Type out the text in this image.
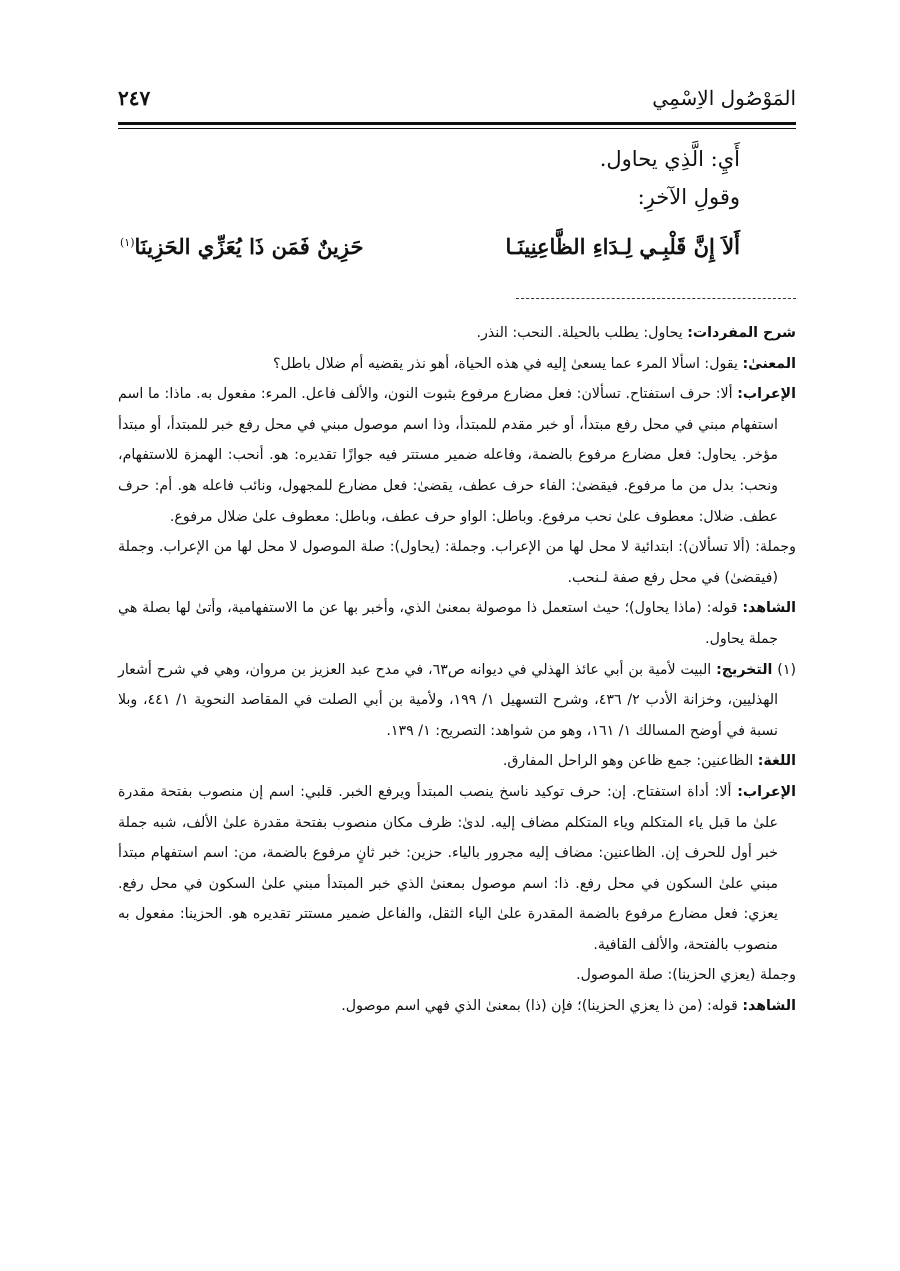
المَوْصُول الاِسْمِي
٢٤٧

أَيِ: الَّذِي يحاول.

وقولِ الآخرِ:

أَلاَ إِنَّ قَلْبِـي لِـدَاءِ الظَّاعِنِينَـا
حَزِينٌ فَمَن ذَا يُعَزِّي الحَزِينَا$^{(١)}$

شرح المفردات: يحاول: يطلب بالحيلة. النحب: النذر.

المعنىٰ: يقول: اسألا المرء عما يسعىٰ إليه في هذه الحياة، أهو نذر يقضيه أم ضلال باطل؟

الإعراب: ألا: حرف استفتاح. تسألان: فعل مضارع مرفوع بثبوت النون، والألف فاعل. المرء: مفعول به. ماذا: ما اسم استفهام مبني في محل رفع مبتدأ، أو خبر مقدم للمبتدأ، وذا اسم موصول مبني في محل رفع خبر للمبتدأ، أو مبتدأ مؤخر. يحاول: فعل مضارع مرفوع بالضمة، وفاعله ضمير مستتر فيه جوازًا تقديره: هو. أنحب: الهمزة للاستفهام، ونحب: بدل من ما مرفوع. فيقضىٰ: الفاء حرف عطف، يقضىٰ: فعل مضارع للمجهول، ونائب فاعله هو. أم: حرف عطف. ضلال: معطوف علىٰ نحب مرفوع. وباطل: الواو حرف عطف، وباطل: معطوف علىٰ ضلال مرفوع.

وجملة: (ألا تسألان): ابتدائية لا محل لها من الإعراب. وجملة: (يحاول): صلة الموصول لا محل لها من الإعراب. وجملة (فيقضىٰ) في محل رفع صفة لـنحب.

الشاهد: قوله: (ماذا يحاول)؛ حيث استعمل ذا موصولة بمعنىٰ الذي، وأخبر بها عن ما الاستفهامية، وأتىٰ لها بصلة هي جملة يحاول.

(١) التخريج: البيت لأمية بن أبي عائذ الهذلي في ديوانه ص٦٣، في مدح عبد العزيز بن مروان، وهي في شرح أشعار الهذليين، وخزانة الأدب ٢/ ٤٣٦، وشرح التسهيل ١/ ١٩٩، ولأمية بن أبي الصلت في المقاصد النحوية ١/ ٤٤١، وبلا نسبة في أوضح المسالك ١/ ١٦١، وهو من شواهد: التصريح: ١/ ١٣٩.

اللغة: الظاعنين: جمع ظاعن وهو الراحل المفارق.

الإعراب: ألا: أداة استفتاح. إن: حرف توكيد ناسخ ينصب المبتدأ ويرفع الخبر. قلبي: اسم إن منصوب بفتحة مقدرة علىٰ ما قبل ياء المتكلم وياء المتكلم مضاف إليه. لدىٰ: ظرف مكان منصوب بفتحة مقدرة علىٰ الألف، شبه جملة خبر أول للحرف إن. الظاعنين: مضاف إليه مجرور بالياء. حزين: خبر ثانٍ مرفوع بالضمة، من: اسم استفهام مبتدأ مبني علىٰ السكون في محل رفع. ذا: اسم موصول بمعنىٰ الذي خبر المبتدأ مبني علىٰ السكون في محل رفع. يعزي: فعل مضارع مرفوع بالضمة المقدرة علىٰ الياء الثقل، والفاعل ضمير مستتر تقديره هو. الحزينا: مفعول به منصوب بالفتحة، والألف القافية.

وجملة (يعزي الحزينا): صلة الموصول.

الشاهد: قوله: (من ذا يعزي الحزينا)؛ فإن (ذا) بمعنىٰ الذي فهي اسم موصول.
